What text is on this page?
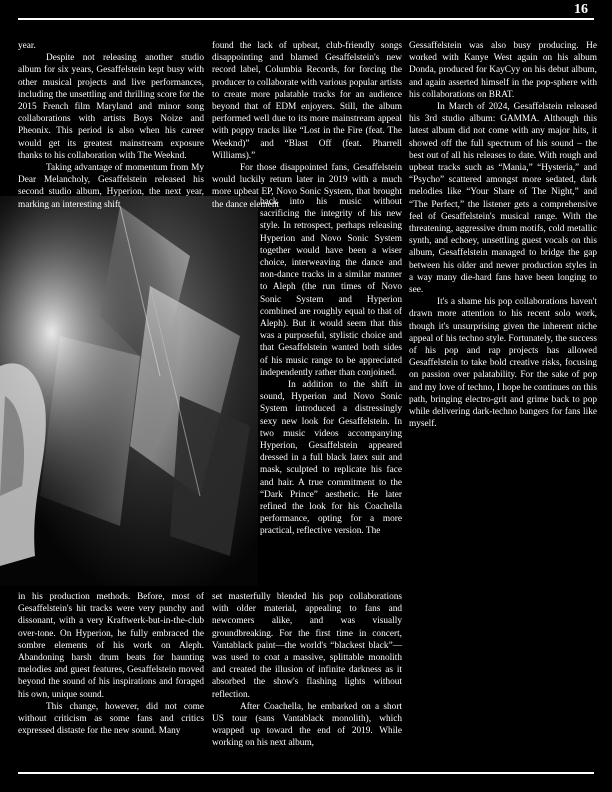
16

year.

Despite not releasing another studio album for six years, Gesaffelstein kept busy with other musical projects and live performances, including the unsettling and thrilling score for the 2015 French film Maryland and minor song collaborations with artists Boys Noize and Pheonix. This period is also when his career would get its greatest mainstream exposure thanks to his collaboration with The Weeknd.

Taking advantage of momentum from My Dear Melancholy, Gesaffelstein released his second studio album, Hyperion, the next year, marking an interesting shift

in his production methods. Before, most of Gesaffelstein's hit tracks were very punchy and dissonant, with a very Kraftwerk-but-in-the-club over-tone. On Hyperion, he fully embraced the sombre elements of his work on Aleph. Abandoning harsh drum beats for haunting melodies and guest features, Gesaffelstein moved beyond the sound of his inspirations and foraged his own, unique sound.

This change, however, did not come without criticism as some fans and critics expressed distaste for the new sound. Many

found the lack of upbeat, club-friendly songs disappointing and blamed Gesaffelstein's new record label, Columbia Records, for forcing the producer to collaborate with various popular artists to create more palatable tracks for an audience beyond that of EDM enjoyers. Still, the album performed well due to its more mainstream appeal with poppy tracks like “Lost in the Fire (feat. The Weeknd)” and “Blast Off (feat. Pharrell Williams).”

For those disappointed fans, Gesaffelstein would luckily return later in 2019 with a much more upbeat EP, Novo Sonic System, that brought the dance element

back into his music without sacrificing the integrity of his new style. In retrospect, perhaps releasing Hyperion and Novo Sonic System together would have been a wiser choice, interweaving the dance and non-dance tracks in a similar manner to Aleph (the run times of Novo Sonic System and Hyperion combined are roughly equal to that of Aleph). But it would seem that this was a purposeful, stylistic choice and that Gesaffelstein wanted both sides of his music range to be appreciated independently rather than conjoined.

In addition to the shift in sound, Hyperion and Novo Sonic System introduced a distressingly sexy new look for Gesaffelstein. In two music videos accompanying Hyperion, Gesaffelstein appeared dressed in a full black latex suit and mask, sculpted to replicate his face and hair. A true commitment to the “Dark Prince” aesthetic. He later refined the look for his Coachella performance, opting for a more practical, reflective version. The

set masterfully blended his pop collaborations with older material, appealing to fans and newcomers alike, and was visually groundbreaking. For the first time in concert, Vantablack paint—the world's “blackest black”—was used to coat a massive, splittable monolith and created the illusion of infinite darkness as it absorbed the show's flashing lights without reflection.

After Coachella, he embarked on a short US tour (sans Vantablack monolith), which wrapped up toward the end of 2019. While working on his next album,

Gessaffelstein was also busy producing. He worked with Kanye West again on his album Donda, produced for KayCyy on his debut album, and again asserted himself in the pop-sphere with his collaborations on BRAT.

In March of 2024, Gesaffelstein released his 3rd studio album: GAMMA. Although this latest album did not come with any major hits, it showed off the full spectrum of his sound – the best out of all his releases to date. With rough and upbeat tracks such as “Mania,” “Hysteria,” and “Psycho” scattered amongst more sedated, dark melodies like “Your Share of The Night,” and “The Perfect,” the listener gets a comprehensive feel of Gesaffelstein's musical range. With the threatening, aggressive drum motifs, cold metallic synth, and echoey, unsettling guest vocals on this album, Gesaffelstein managed to bridge the gap between his older and newer production styles in a way many die-hard fans have been longing to see.

It's a shame his pop collaborations haven't drawn more attention to his recent solo work, though it's unsurprising given the inherent niche appeal of his techno style. Fortunately, the success of his pop and rap projects has allowed Gesaffelstein to take bold creative risks, focusing on passion over palatability. For the sake of pop and my love of techno, I hope he continues on this path, bringing electro-grit and grime back to pop while delivering dark-techno bangers for fans like myself.
